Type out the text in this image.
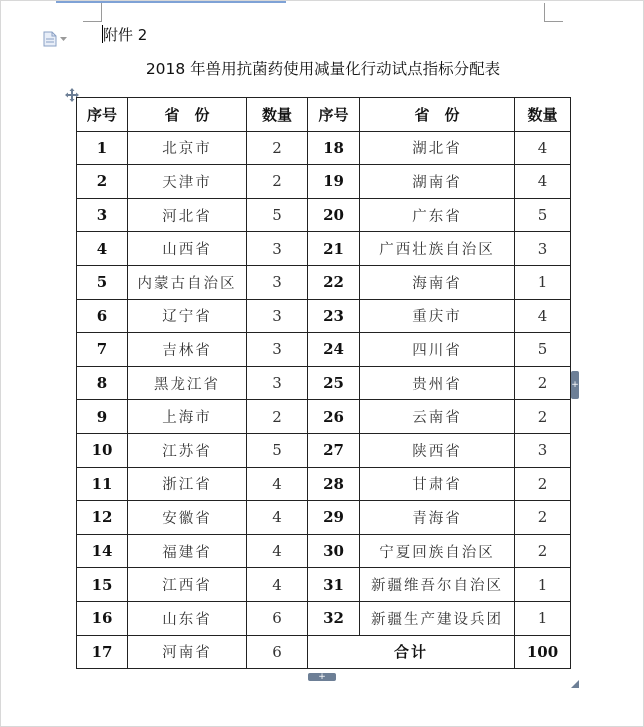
附件 2
2018 年兽用抗菌药使用减量化行动试点指标分配表
序号	省　份	数量	序号	省　份	数量
1	北京市	2	18	湖北省	4
2	天津市	2	19	湖南省	4
3	河北省	5	20	广东省	5
4	山西省	3	21	广西壮族自治区	3
5	内蒙古自治区	3	22	海南省	1
6	辽宁省	3	23	重庆市	4
7	吉林省	3	24	四川省	5
8	黑龙江省	3	25	贵州省	2
9	上海市	2	26	云南省	2
10	江苏省	5	27	陕西省	3
11	浙江省	4	28	甘肃省	2
12	安徽省	4	29	青海省	2
14	福建省	4	30	宁夏回族自治区	2
15	江西省	4	31	新疆维吾尔自治区	1
16	山东省	6	32	新疆生产建设兵团	1
17	河南省	6	合计		100
+
+
